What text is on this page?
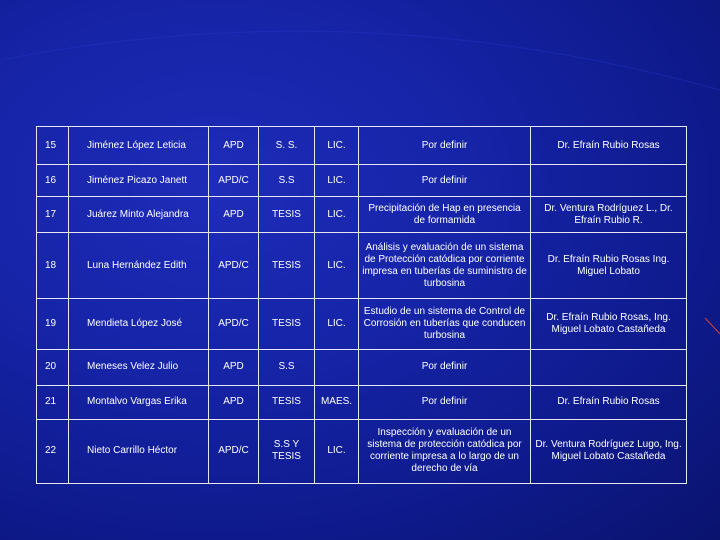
15	Jiménez López Leticia	APD	S. S.	LIC.	Por definir	Dr. Efraín Rubio Rosas
16	Jiménez Picazo Janett	APD/C	S.S	LIC.	Por definir	
17	Juárez Minto Alejandra	APD	TESIS	LIC.	Precipitación de Hap en presencia de formamida	Dr. Ventura Rodríguez L., Dr. Efraín Rubio R.
18	Luna Hernández Edith	APD/C	TESIS	LIC.	Análisis y evaluación de un sistema de Protección catódica por corriente impresa en tuberías de suministro de turbosina	Dr. Efraín Rubio Rosas Ing. Miguel Lobato
19	Mendieta López José	APD/C	TESIS	LIC.	Estudio de un sistema de Control de Corrosión en tuberías que conducen turbosina	Dr. Efraín Rubio Rosas, Ing. Miguel Lobato Castañeda
20	Meneses Velez Julio	APD	S.S		Por definir	
21	Montalvo Vargas Erika	APD	TESIS	MAES.	Por definir	Dr. Efraín Rubio Rosas
22	Nieto Carrillo Héctor	APD/C	S.S Y TESIS	LIC.	Inspección y evaluación de un sistema de protección catódica por corriente impresa a lo largo de un derecho de vía	Dr. Ventura Rodríguez Lugo, Ing. Miguel Lobato Castañeda
